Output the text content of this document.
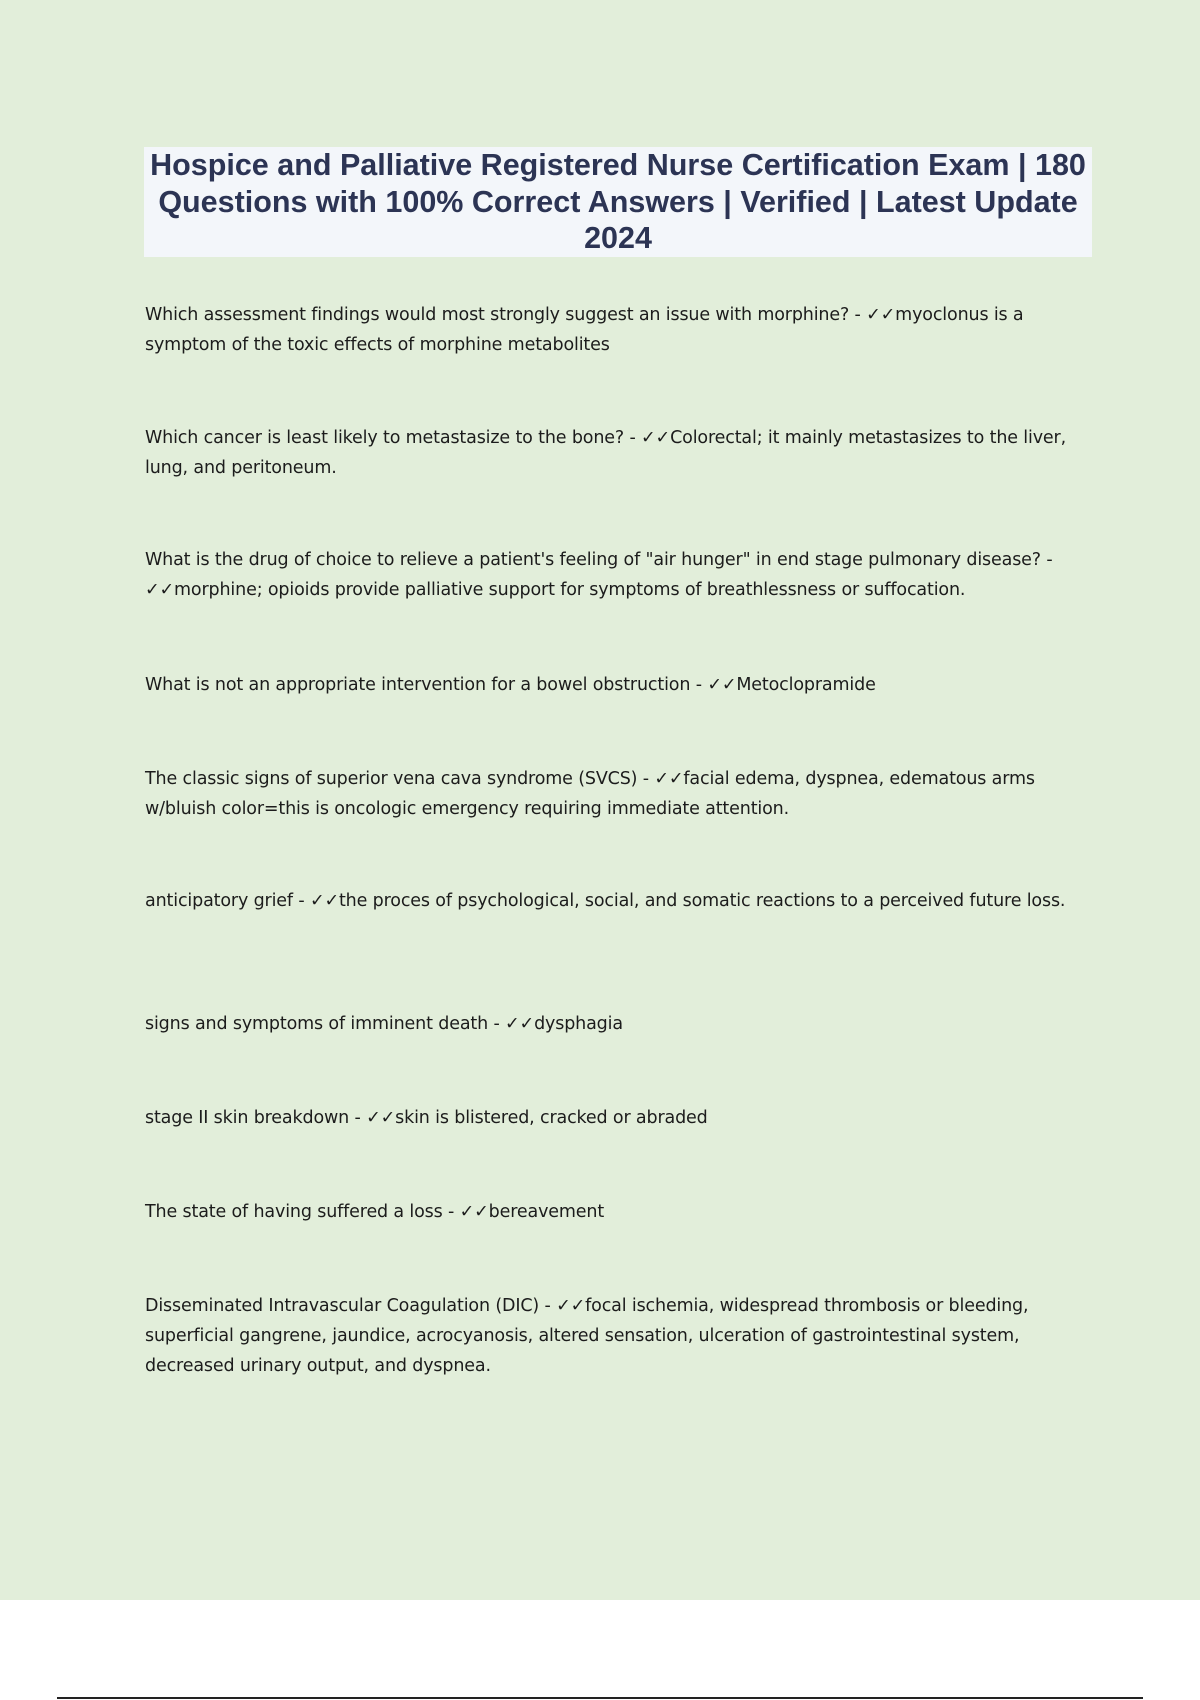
Hospice and Palliative Registered Nurse Certification Exam | 180 Questions with 100% Correct Answers | Verified | Latest Update 2024
Which assessment findings would most strongly suggest an issue with morphine? - ✓✓myoclonus is a symptom of the toxic effects of morphine metabolites
Which cancer is least likely to metastasize to the bone? - ✓✓Colorectal; it mainly metastasizes to the liver, lung, and peritoneum.
What is the drug of choice to relieve a patient's feeling of "air hunger" in end stage pulmonary disease? - ✓✓morphine; opioids provide palliative support for symptoms of breathlessness or suffocation.
What is not an appropriate intervention for a bowel obstruction - ✓✓Metoclopramide
The classic signs of superior vena cava syndrome (SVCS) - ✓✓facial edema, dyspnea, edematous arms w/bluish color=this is oncologic emergency requiring immediate attention.
anticipatory grief - ✓✓the proces of psychological, social, and somatic reactions to a perceived future loss.
signs and symptoms of imminent death - ✓✓dysphagia
stage II skin breakdown - ✓✓skin is blistered, cracked or abraded
The state of having suffered a loss - ✓✓bereavement
Disseminated Intravascular Coagulation (DIC) - ✓✓focal ischemia, widespread thrombosis or bleeding, superficial gangrene, jaundice, acrocyanosis, altered sensation, ulceration of gastrointestinal system, decreased urinary output, and dyspnea.
